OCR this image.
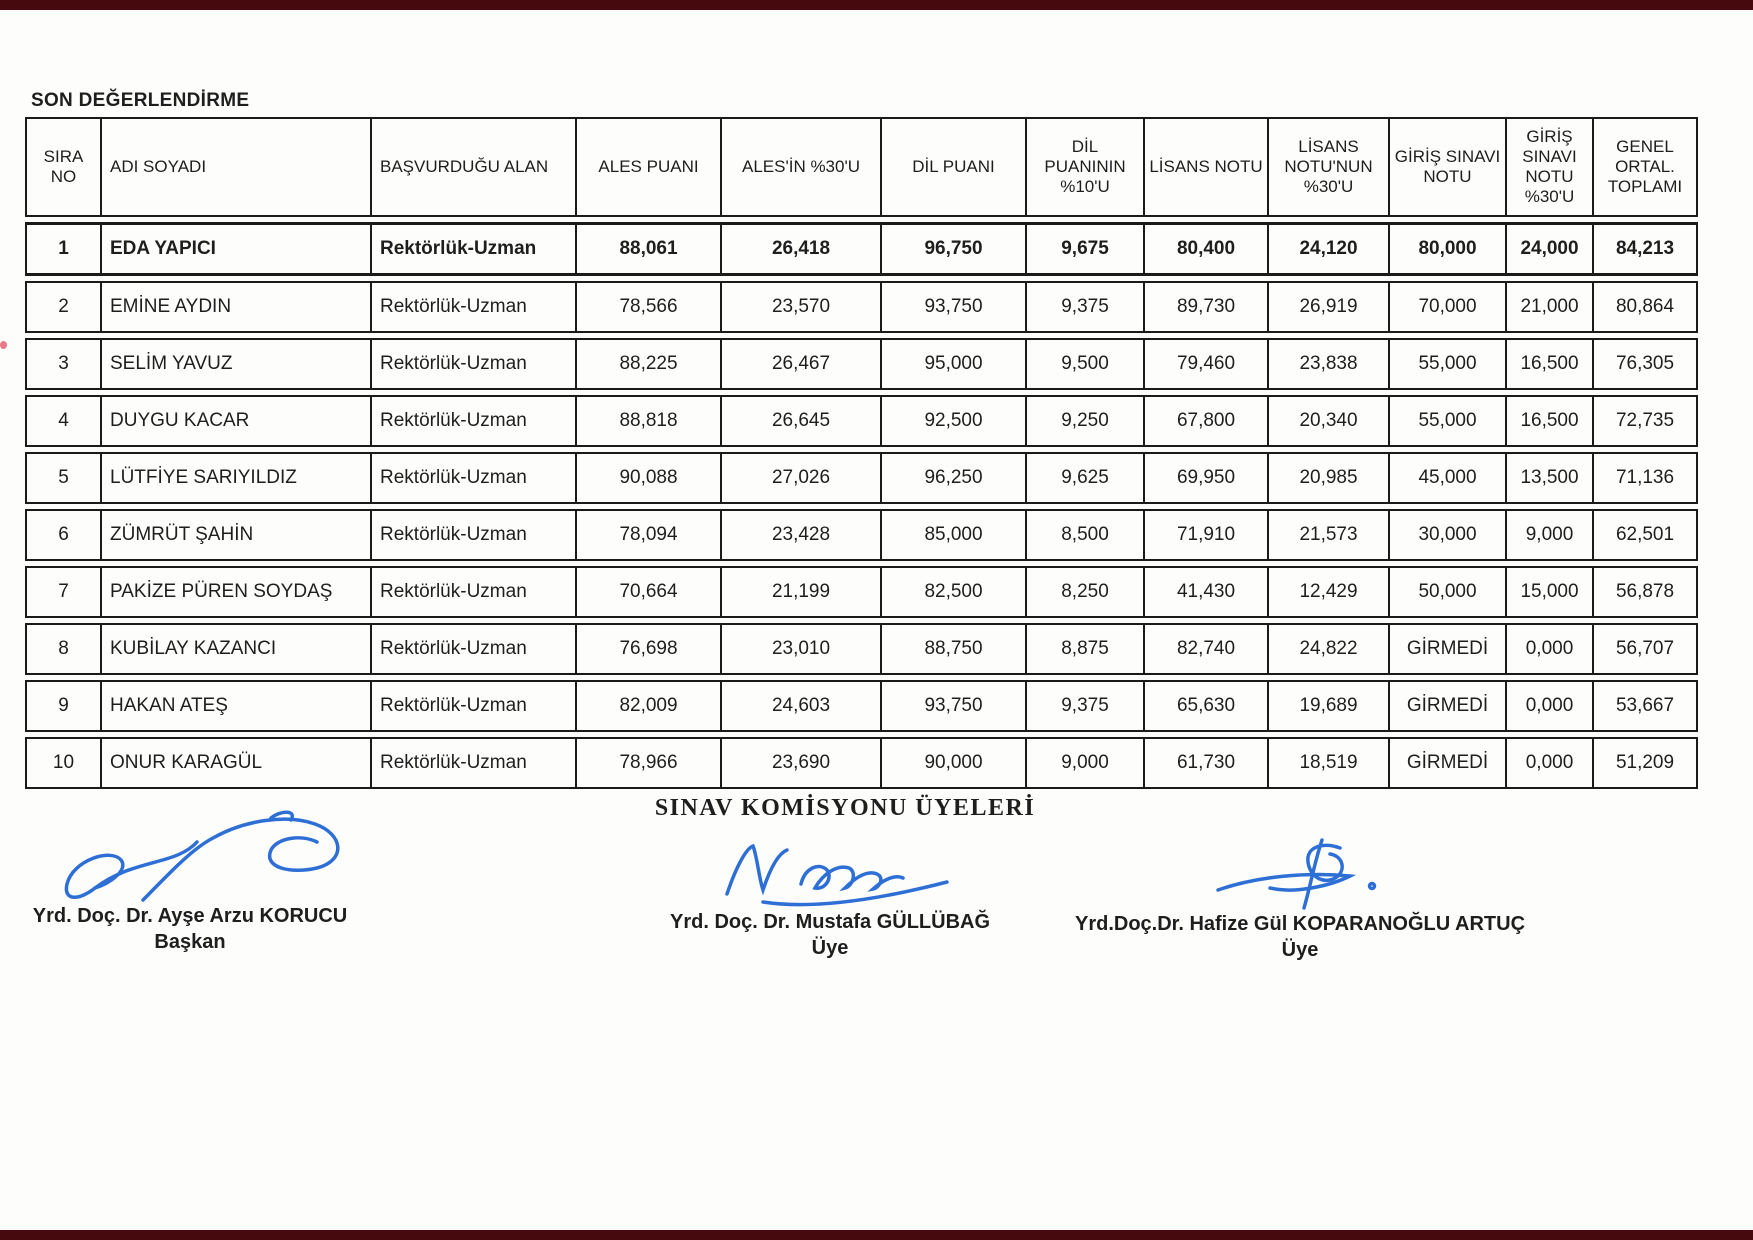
SON DEĞERLENDİRME
SIRA NO	ADI SOYADI	BAŞVURDUĞU ALAN	ALES PUANI	ALES'İN %30'U	DİL PUANI	DİL PUANININ %10'U	LİSANS NOTU	LİSANS NOTU'NUN %30'U	GİRİŞ SINAVI NOTU	GİRİŞ SINAVI NOTU %30'U	GENEL ORTAL. TOPLAMI
1	EDA YAPICI	Rektörlük-Uzman	88,061	26,418	96,750	9,675	80,400	24,120	80,000	24,000	84,213
2	EMİNE AYDIN	Rektörlük-Uzman	78,566	23,570	93,750	9,375	89,730	26,919	70,000	21,000	80,864
3	SELİM YAVUZ	Rektörlük-Uzman	88,225	26,467	95,000	9,500	79,460	23,838	55,000	16,500	76,305
4	DUYGU KACAR	Rektörlük-Uzman	88,818	26,645	92,500	9,250	67,800	20,340	55,000	16,500	72,735
5	LÜTFİYE SARIYILDIZ	Rektörlük-Uzman	90,088	27,026	96,250	9,625	69,950	20,985	45,000	13,500	71,136
6	ZÜMRÜT ŞAHİN	Rektörlük-Uzman	78,094	23,428	85,000	8,500	71,910	21,573	30,000	9,000	62,501
7	PAKİZE PÜREN SOYDAŞ	Rektörlük-Uzman	70,664	21,199	82,500	8,250	41,430	12,429	50,000	15,000	56,878
8	KUBİLAY KAZANCI	Rektörlük-Uzman	76,698	23,010	88,750	8,875	82,740	24,822	GİRMEDİ	0,000	56,707
9	HAKAN ATEŞ	Rektörlük-Uzman	82,009	24,603	93,750	9,375	65,630	19,689	GİRMEDİ	0,000	53,667
10	ONUR KARAGÜL	Rektörlük-Uzman	78,966	23,690	90,000	9,000	61,730	18,519	GİRMEDİ	0,000	51,209
SINAV KOMİSYONU ÜYELERİ
Yrd. Doç. Dr. Ayşe Arzu KORUCU
Başkan
Yrd. Doç. Dr. Mustafa GÜLLÜBAĞ
Üye
Yrd.Doç.Dr. Hafize Gül KOPARANOĞLU ARTUÇ
Üye
